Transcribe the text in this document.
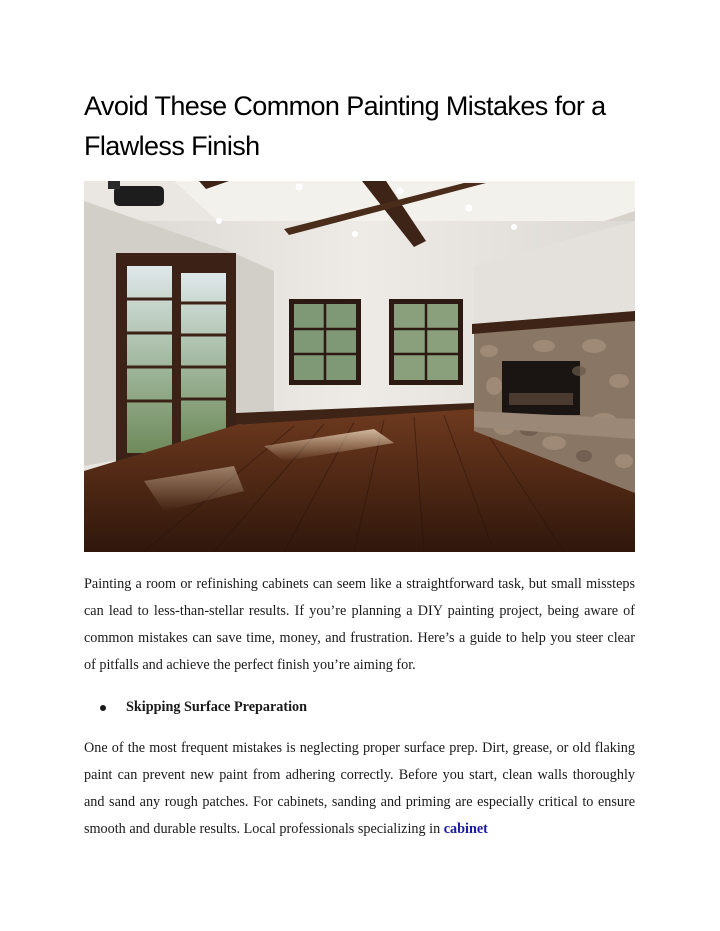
Avoid These Common Painting Mistakes for a Flawless Finish
Painting a room or refinishing cabinets can seem like a straightforward task, but small missteps can lead to less-than-stellar results. If you’re planning a DIY painting project, being aware of common mistakes can save time, money, and frustration. Here’s a guide to help you steer clear of pitfalls and achieve the perfect finish you’re aiming for.
Skipping Surface Preparation
One of the most frequent mistakes is neglecting proper surface prep. Dirt, grease, or old flaking paint can prevent new paint from adhering correctly. Before you start, clean walls thoroughly and sand any rough patches. For cabinets, sanding and priming are especially critical to ensure smooth and durable results. Local professionals specializing in cabinet
